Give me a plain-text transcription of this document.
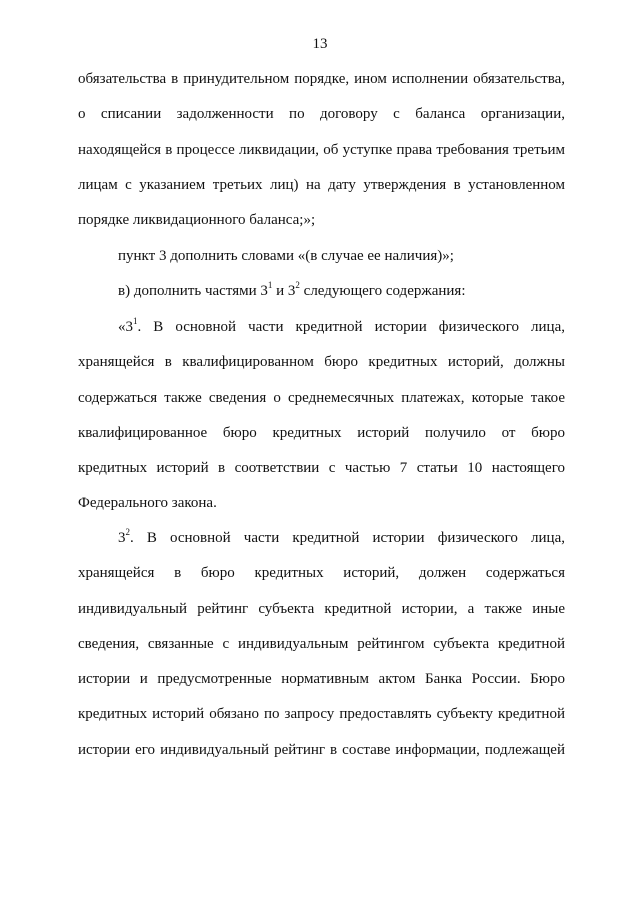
13
обязательства в принудительном порядке, ином исполнении обязательства,
о списании задолженности по договору с баланса организации,
находящейся в процессе ликвидации, об уступке права требования третьим
лицам с указанием третьих лиц) на дату утверждения в установленном
порядке ликвидационного баланса;»;
пункт 3 дополнить словами «(в случае ее наличия)»;
в) дополнить частями $3^1$ и $3^2$ следующего содержания:
«$3^1$. В основной части кредитной истории физического лица,
хранящейся в квалифицированном бюро кредитных историй, должны
содержаться также сведения о среднемесячных платежах, которые такое
квалифицированное бюро кредитных историй получило от бюро
кредитных историй в соответствии с частью 7 статьи 10 настоящего
Федерального закона.
$3^2$. В основной части кредитной истории физического лица,
хранящейся в бюро кредитных историй, должен содержаться
индивидуальный рейтинг субъекта кредитной истории, а также иные
сведения, связанные с индивидуальным рейтингом субъекта кредитной
истории и предусмотренные нормативным актом Банка России. Бюро
кредитных историй обязано по запросу предоставлять субъекту кредитной
истории его индивидуальный рейтинг в составе информации, подлежащей
